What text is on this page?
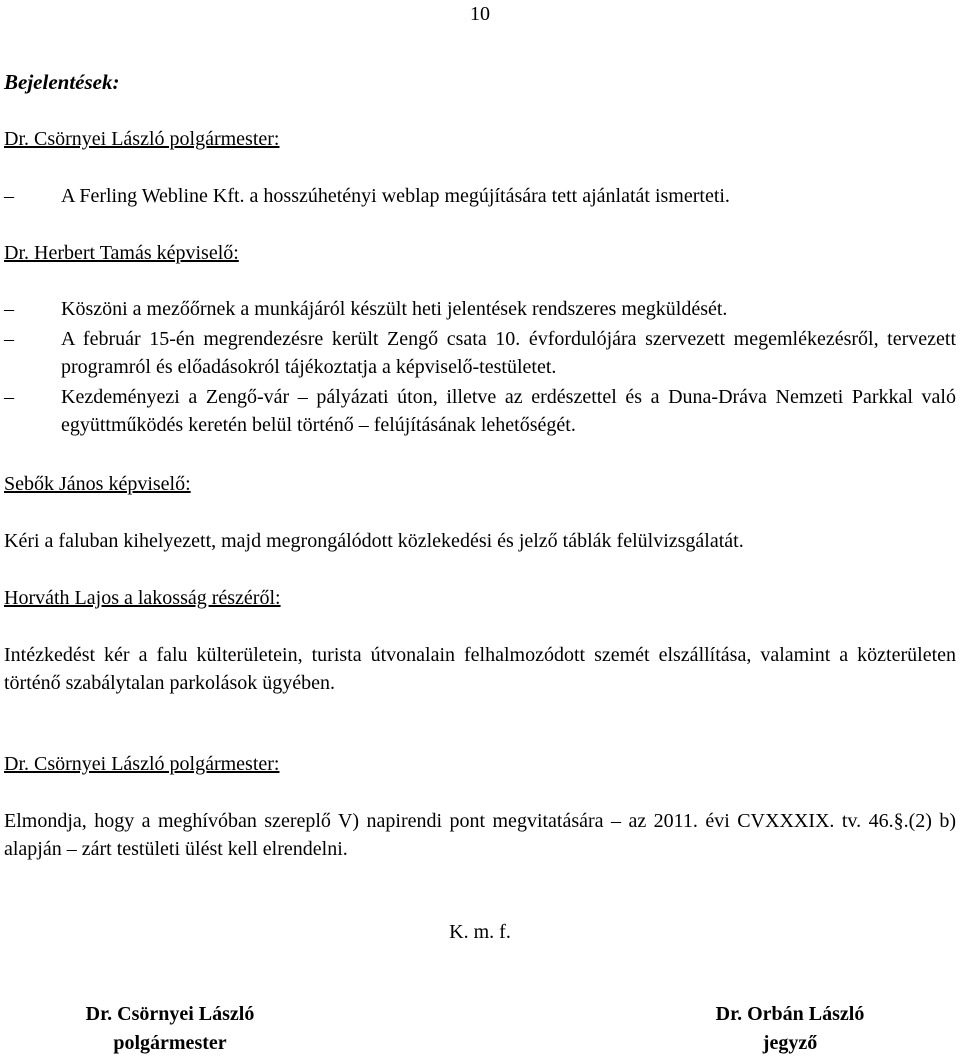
10
Bejelentések:
Dr. Csörnyei László polgármester:
– A Ferling Webline Kft. a hosszúhetényi weblap megújítására tett ajánlatát ismerteti.
Dr. Herbert Tamás képviselő:
– Köszöni a mezőőrnek a munkájáról készült heti jelentések rendszeres megküldését.
– A február 15-én megrendezésre került Zengő csata 10. évfordulójára szervezett megemlékezésről, tervezett programról és előadásokról tájékoztatja a képviselő-testületet.
– Kezdeményezi a Zengő-vár – pályázati úton, illetve az erdészettel és a Duna-Dráva Nemzeti Parkkal való együttműködés keretén belül történő – felújításának lehetőségét.
Sebők János képviselő:
Kéri a faluban kihelyezett, majd megrongálódott közlekedési és jelző táblák felülvizsgálatát.
Horváth Lajos a lakosság részéről:
Intézkedést kér a falu külterületein, turista útvonalain felhalmozódott szemét elszállítása, valamint a közterületen történő szabálytalan parkolások ügyében.
Dr. Csörnyei László polgármester:
Elmondja, hogy a meghívóban szereplő V) napirendi pont megvitatására – az 2011. évi CVXXXIX. tv. 46.§.(2) b) alapján – zárt testületi ülést kell elrendelni.
K. m. f.
Dr. Csörnyei László
polgármester
Dr. Orbán László
jegyző
